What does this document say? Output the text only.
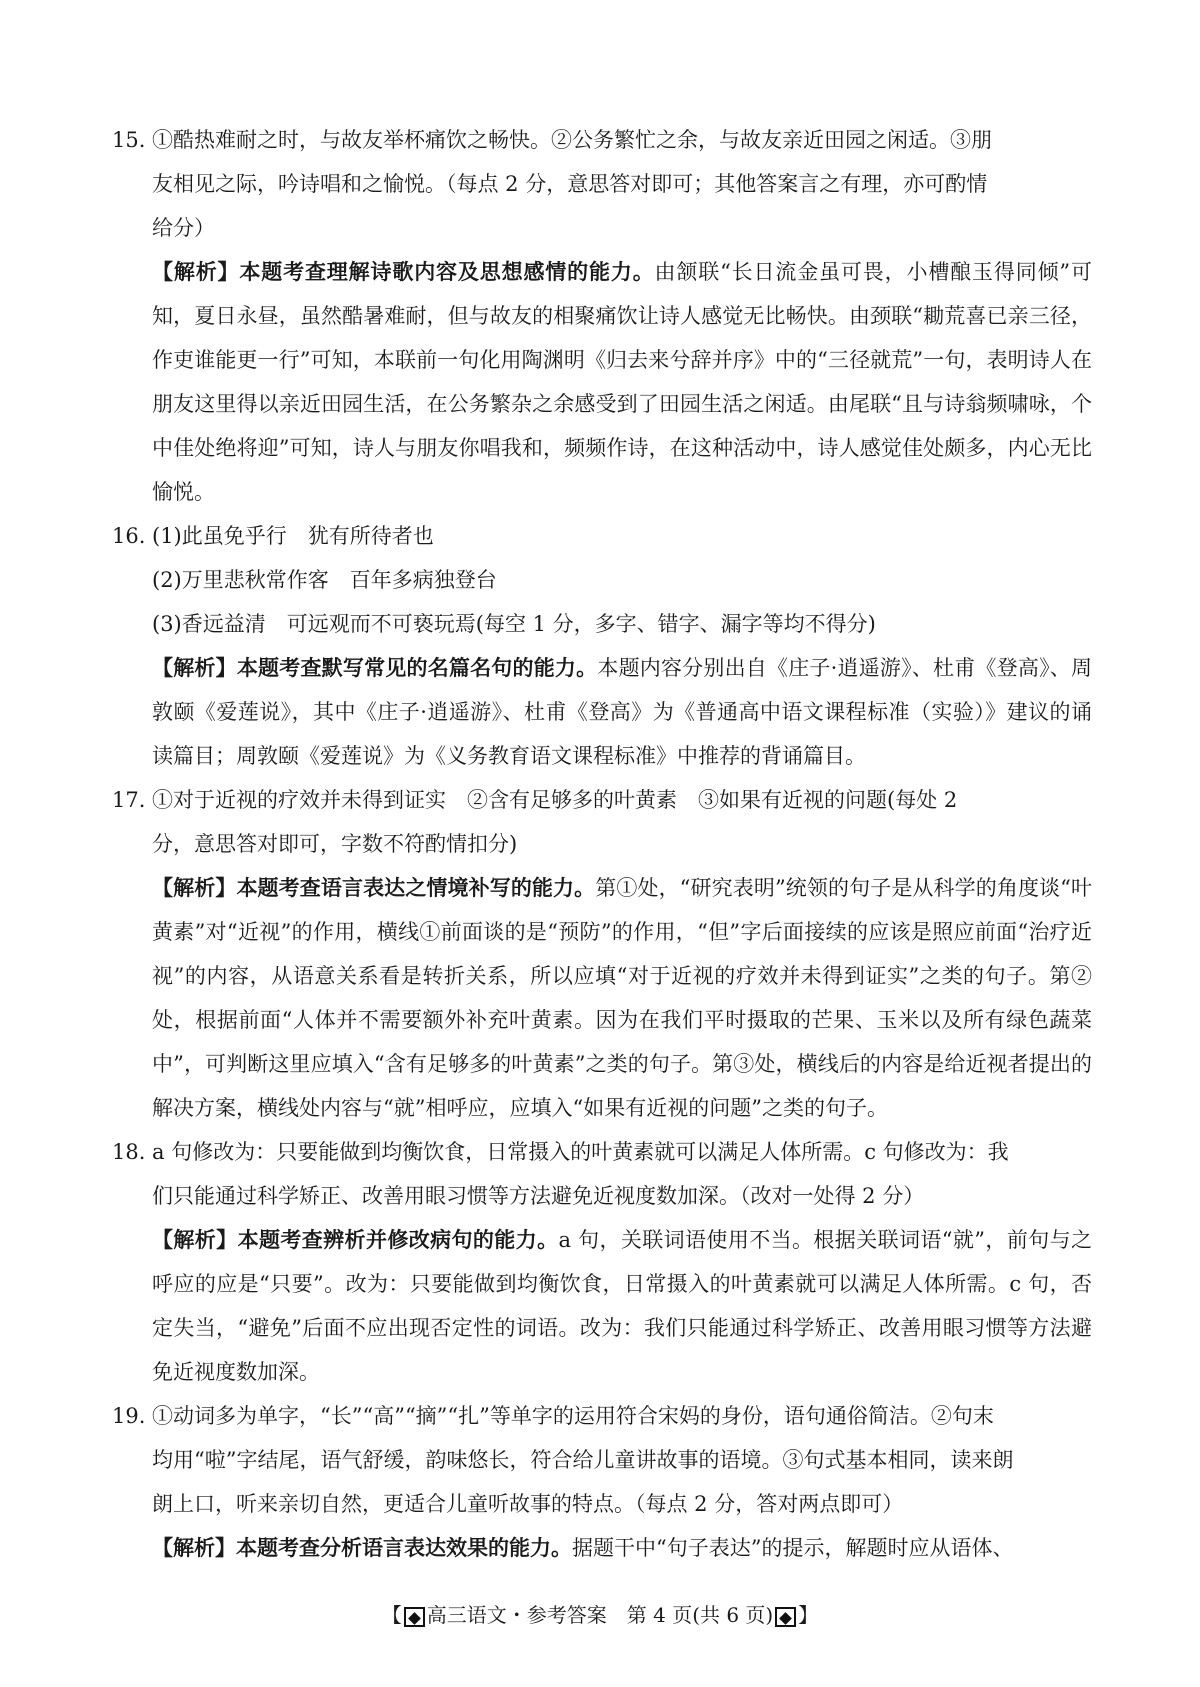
15. ①酷热难耐之时，与故友举杯痛饮之畅快。②公务繁忙之余，与故友亲近田园之闲适。③朋
友相见之际，吟诗唱和之愉悦。（每点 2 分，意思答对即可；其他答案言之有理，亦可酌情
给分）
【解析】本题考查理解诗歌内容及思想感情的能力。由颔联“长日流金虽可畏，小槽酿玉得同倾”可知，夏日永昼，虽然酷暑难耐，但与故友的相聚痛饮让诗人感觉无比畅快。由颈联“耡荒喜已亲三径，作吏谁能更一行”可知，本联前一句化用陶渊明《归去来兮辞并序》中的“三径就荒”一句，表明诗人在朋友这里得以亲近田园生活，在公务繁杂之余感受到了田园生活之闲适。由尾联“且与诗翁频啸咏，个中佳处绝将迎”可知，诗人与朋友你唱我和，频频作诗，在这种活动中，诗人感觉佳处颇多，内心无比愉悦。
16. (1)此虽免乎行　犹有所待者也
(2)万里悲秋常作客　百年多病独登台
(3)香远益清　可远观而不可亵玩焉(每空 1 分，多字、错字、漏字等均不得分)
【解析】本题考查默写常见的名篇名句的能力。本题内容分别出自《庄子·逍遥游》、杜甫《登高》、周敦颐《爱莲说》，其中《庄子·逍遥游》、杜甫《登高》为《普通高中语文课程标准（实验）》建议的诵读篇目；周敦颐《爱莲说》为《义务教育语文课程标准》中推荐的背诵篇目。
17. ①对于近视的疗效并未得到证实　②含有足够多的叶黄素　③如果有近视的问题(每处 2
分，意思答对即可，字数不符酌情扣分)
【解析】本题考查语言表达之情境补写的能力。第①处，“研究表明”统领的句子是从科学的角度谈“叶黄素”对“近视”的作用，横线①前面谈的是“预防”的作用，“但”字后面接续的应该是照应前面“治疗近视”的内容，从语意关系看是转折关系，所以应填“对于近视的疗效并未得到证实”之类的句子。第②处，根据前面“人体并不需要额外补充叶黄素。因为在我们平时摄取的芒果、玉米以及所有绿色蔬菜中”，可判断这里应填入“含有足够多的叶黄素”之类的句子。第③处，横线后的内容是给近视者提出的解决方案，横线处内容与“就”相呼应，应填入“如果有近视的问题”之类的句子。
18. a 句修改为：只要能做到均衡饮食，日常摄入的叶黄素就可以满足人体所需。c 句修改为：我
们只能通过科学矫正、改善用眼习惯等方法避免近视度数加深。（改对一处得 2 分）
【解析】本题考查辨析并修改病句的能力。a 句，关联词语使用不当。根据关联词语“就”，前句与之呼应的应是“只要”。改为：只要能做到均衡饮食，日常摄入的叶黄素就可以满足人体所需。c 句，否定失当，“避免”后面不应出现否定性的词语。改为：我们只能通过科学矫正、改善用眼习惯等方法避免近视度数加深。
19. ①动词多为单字，“长”“高”“摘”“扎”等单字的运用符合宋妈的身份，语句通俗简洁。②句末
均用“啦”字结尾，语气舒缓，韵味悠长，符合给儿童讲故事的语境。③句式基本相同，读来朗
朗上口，听来亲切自然，更适合儿童听故事的特点。（每点 2 分，答对两点即可）
【解析】本题考查分析语言表达效果的能力。据题干中“句子表达”的提示，解题时应从语体、
【 高三语文・参考答案　第 4 页(共 6 页) 】
